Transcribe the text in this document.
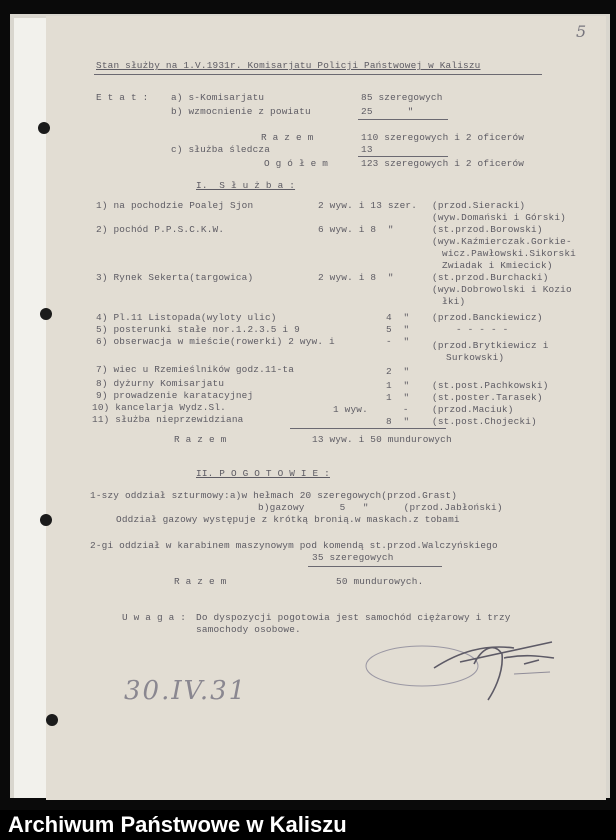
5
Stan służby na 1.V.1931r. Komisarjatu Policji Państwowej w Kaliszu
E t a t : a) s-Komisarjatu	85 szeregowych
b) wzmocnienie z powiatu	25      "
R a z e m	110 szeregowych i 2 oficerów
c) służba śledcza	13
O g ó ł e m	123 szeregowych i 2 oficerów
I.  S ł u ż b a :
1) na pochodzie Poalej Sjon	2 wyw. i 13 szer. (przod.Sieracki)
(wyw.Domański i Górski)
2) pochód P.P.S.C.K.W.	6 wyw. i 8  "	(st.przod.Borowski)
(wyw.Kaźmierczak.Gorkie-
wicz.Pawłowski.Sikorski
Zwiadak i Kmiecick)
3) Rynek Sekerta(targowica)	2 wyw. i 8  "	(st.przod.Burchacki)
(wyw.Dobrowolski i Kozio
łki)
4) Pl.11 Listopada(wyloty ulic)	4  " (przod.Banckiewicz)
5) posterunki stałe nor.1.2.3.5 i 9	5  "	- - - - -
6) obserwacja w mieście(rowerki) 2 wyw. i	-  " (przod.Brytkiewicz i
Surkowski)
7) wiec u Rzemieślników godz.11-ta	2  "
8) dyżurny Komisarjatu	1  " (st.post.Pachkowski)
9) prowadzenie karatacyjnej	1  " (st.poster.Tarasek)
10) kancelarja Wydz.Sl.	1 wyw.      - (przod.Maciuk)
11) służba nieprzewidziana	8  " (st.post.Chojecki)
R a z e m	13 wyw. i 50 mundurowych
II. P O G O T O W I E :
1-szy oddział szturmowy:a)w hełmach 20 szeregowych(przod.Grast)
b)gazowy      5   "      (przod.Jabłoński)
Oddział gazowy występuje z krótką bronią.w maskach.z tobami
2-gi oddział w karabinem maszynowym pod komendą st.przod.Walczyńskiego
35 szeregowych
R a z e m	50 mundurowych.
U w a g a : Do dyspozycji pogotowia jest samochód ciężarowy i trzy
samochody osobowe.
30.IV.31
Archiwum Państwowe w Kaliszu
